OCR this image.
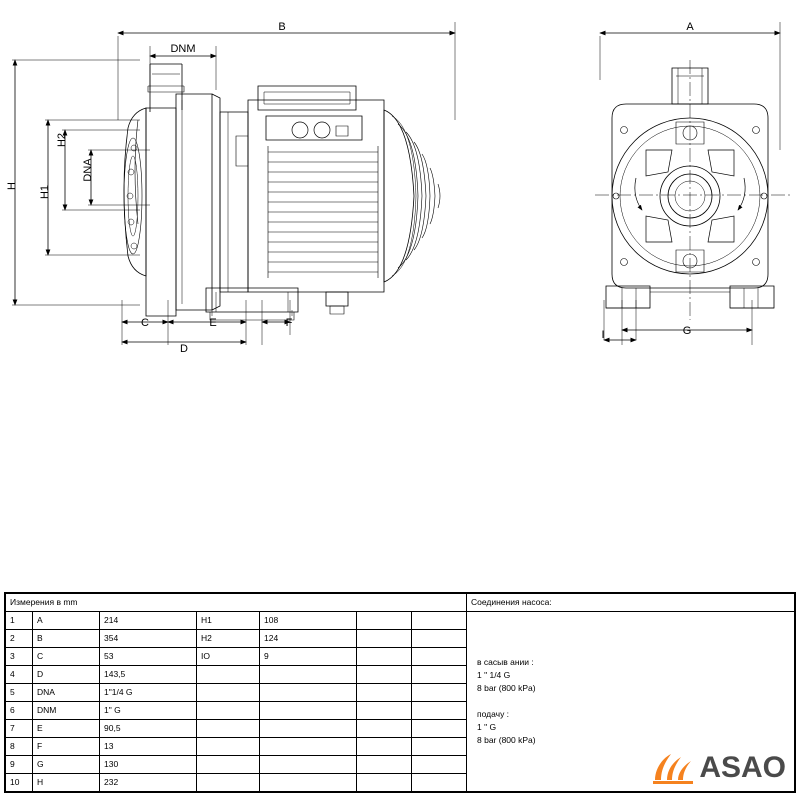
B
DNM
H H1
H2
DNA
C	E	F
D
A
G
I
Измерения в mm							Соединения насоса:
1	A	214	H1	108			
в сасыв ании :
1 " 1/4 G
8 bar (800 kPa)
подачу :
1 " G
8 bar (800 kPa)

2	B	354	H2	124			
3	C	53	IO	9			
4	D	143,5					
5	DNA	1"1/4 G					
6	DNM	1" G					
7	E	90,5					
8	F	13					
9	G	130					
10	H	232						ASAO
